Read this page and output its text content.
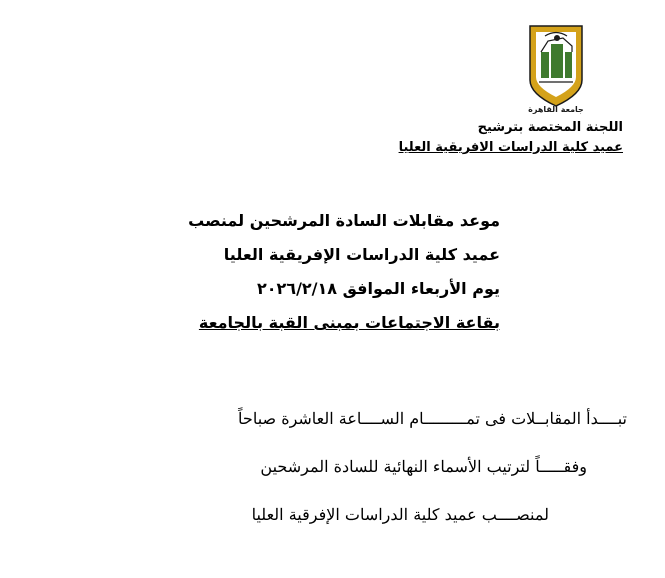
جامعة القاهرة
اللجنة المختصة بترشيح
عميد كلية الدراسات الافريقية العليا
موعد مقابلات السادة المرشحين لمنصب
عميد كلية الدراسات الإفريقية العليا
يوم الأربعاء الموافق ٢٠٢٦/٢/١٨
بقاعة الاجتماعات بمبنى القبة بالجامعة
تبــــدأ المقابــلات فى تمـــــــــام الســــاعة العاشرة صباحاً
وفقـــــاً لترتيب الأسماء النهائية للسادة المرشحين
لمنصــــب عميد كلية الدراسات الإفرقية العليا
